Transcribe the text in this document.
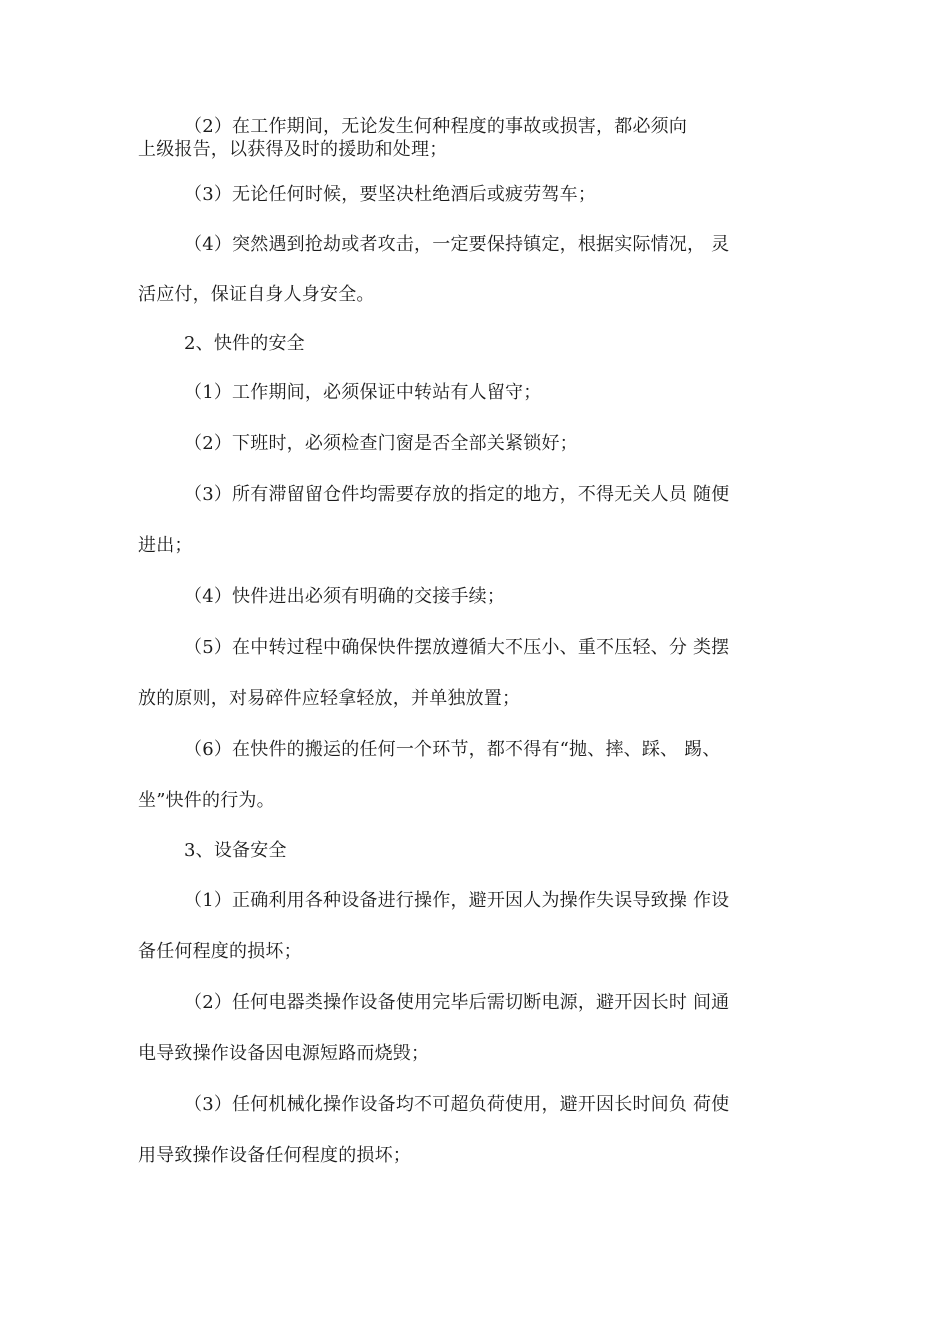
（2）在工作期间，无论发生何种程度的事故或损害，都必须向
上级报告，以获得及时的援助和处理；
（3）无论任何时候，要坚决杜绝酒后或疲劳驾车；
（4）突然遇到抢劫或者攻击，一定要保持镇定，根据实际情况， 灵
活应付，保证自身人身安全。
2、快件的安全
（1）工作期间，必须保证中转站有人留守；
（2）下班时，必须检查门窗是否全部关紧锁好；
（3）所有滞留留仓件均需要存放的指定的地方，不得无关人员 随便
进出；
（4）快件进出必须有明确的交接手续；
（5）在中转过程中确保快件摆放遵循大不压小、重不压轻、分 类摆
放的原则，对易碎件应轻拿轻放，并单独放置；
（6）在快件的搬运的任何一个环节，都不得有“抛、摔、踩、 踢、
坐”快件的行为。
3、设备安全
（1）正确利用各种设备进行操作，避开因人为操作失误导致操 作设
备任何程度的损坏；
（2）任何电器类操作设备使用完毕后需切断电源，避开因长时 间通
电导致操作设备因电源短路而烧毁；
（3）任何机械化操作设备均不可超负荷使用，避开因长时间负 荷使
用导致操作设备任何程度的损坏；
